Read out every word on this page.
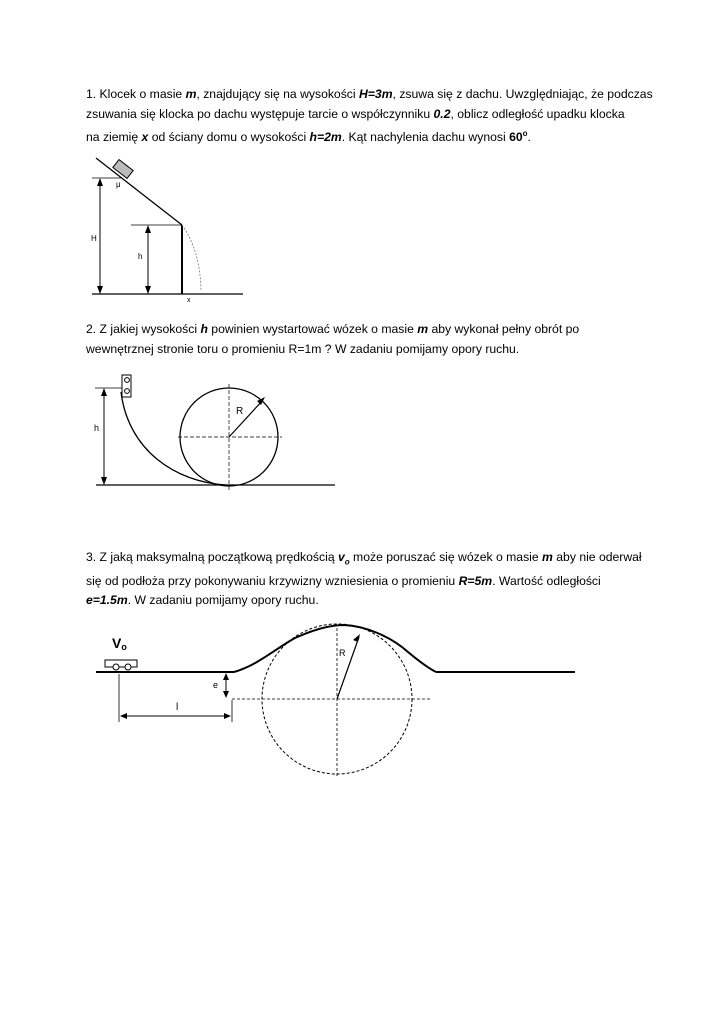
1. Klocek o masie m, znajdujący się na wysokości H=3m, zsuwa się z dachu. Uwzględniając, że podczas
zsuwania się klocka po dachu występuje tarcie o współczynniku 0.2, oblicz odległość upadku klocka
na ziemię x od ściany domu o wysokości h=2m. Kąt nachylenia dachu wynosi 60$^o$.
μ
H
h
x
2. Z jakiej wysokości h powinien wystartować wózek o masie m aby wykonał pełny obrót po
wewnętrznej stronie toru o promieniu R=1m ? W zadaniu pomijamy opory ruchu.
R
h
3. Z jaką maksymalną początkową prędkością $v_o$ może poruszać się wózek o masie m aby nie oderwał
się od podłoża przy pokonywaniu krzywizny wzniesienia o promieniu R=5m. Wartość odległości
e=1.5m. W zadaniu pomijamy opory ruchu.
Vo
R
e
l
